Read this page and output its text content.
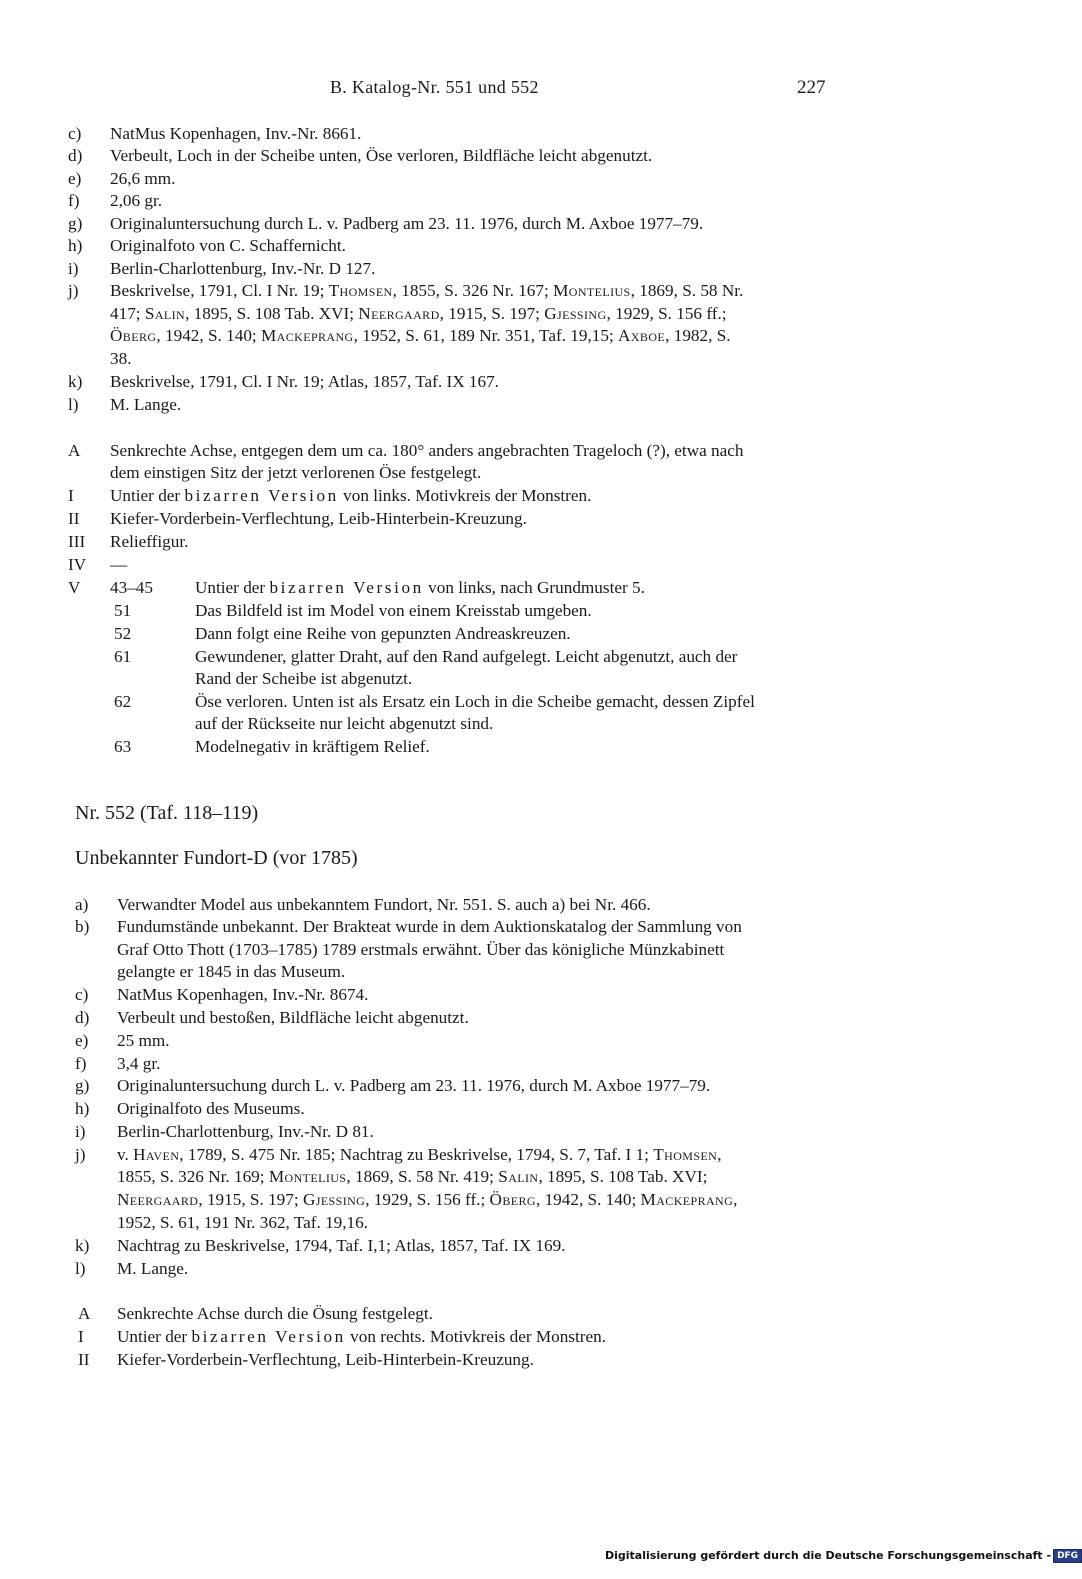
B. Katalog-Nr. 551 und 552	227
c) NatMus Kopenhagen, Inv.-Nr. 8661.
d) Verbeult, Loch in der Scheibe unten, Öse verloren, Bildfläche leicht abgenutzt.
e) 26,6 mm.
f) 2,06 gr.
g) Originaluntersuchung durch L. v. Padberg am 23. 11. 1976, durch M. Axboe 1977–79.
h) Originalfoto von C. Schaffernicht.
i) Berlin-Charlottenburg, Inv.-Nr. D 127.
j) Beskrivelse, 1791, Cl. I Nr. 19; Thomsen, 1855, S. 326 Nr. 167; Montelius, 1869, S. 58 Nr.
417; Salin, 1895, S. 108 Tab. XVI; Neergaard, 1915, S. 197; Gjessing, 1929, S. 156 ff.;
Öberg, 1942, S. 140; Mackeprang, 1952, S. 61, 189 Nr. 351, Taf. 19,15; Axboe, 1982, S.
38.
k) Beskrivelse, 1791, Cl. I Nr. 19; Atlas, 1857, Taf. IX 167.
l) M. Lange.
A Senkrechte Achse, entgegen dem um ca. 180° anders angebrachten Trageloch (?), etwa nach
dem einstigen Sitz der jetzt verlorenen Öse festgelegt.
I Untier der bizarren Version von links. Motivkreis der Monstren.
II Kiefer-Vorderbein-Verflechtung, Leib-Hinterbein-Kreuzung.
III Relieffigur.
IV —
V 43–45 Untier der bizarren Version von links, nach Grundmuster 5.
51	Das Bildfeld ist im Model von einem Kreisstab umgeben.
52	Dann folgt eine Reihe von gepunzten Andreaskreuzen.
61	Gewundener, glatter Draht, auf den Rand aufgelegt. Leicht abgenutzt, auch der
Rand der Scheibe ist abgenutzt.
62	Öse verloren. Unten ist als Ersatz ein Loch in die Scheibe gemacht, dessen Zipfel
auf der Rückseite nur leicht abgenutzt sind.
63	Modelnegativ in kräftigem Relief.
Nr. 552 (Taf. 118–119)
Unbekannter Fundort-D (vor 1785)
a) Verwandter Model aus unbekanntem Fundort, Nr. 551. S. auch a) bei Nr. 466.
b) Fundumstände unbekannt. Der Brakteat wurde in dem Auktionskatalog der Sammlung von
Graf Otto Thott (1703–1785) 1789 erstmals erwähnt. Über das königliche Münzkabinett
gelangte er 1845 in das Museum.
c) NatMus Kopenhagen, Inv.-Nr. 8674.
d) Verbeult und bestoßen, Bildfläche leicht abgenutzt.
e) 25 mm.
f) 3,4 gr.
g) Originaluntersuchung durch L. v. Padberg am 23. 11. 1976, durch M. Axboe 1977–79.
h) Originalfoto des Museums.
i) Berlin-Charlottenburg, Inv.-Nr. D 81.
j) v. Haven, 1789, S. 475 Nr. 185; Nachtrag zu Beskrivelse, 1794, S. 7, Taf. I 1; Thomsen,
1855, S. 326 Nr. 169; Montelius, 1869, S. 58 Nr. 419; Salin, 1895, S. 108 Tab. XVI;
Neergaard, 1915, S. 197; Gjessing, 1929, S. 156 ff.; Öberg, 1942, S. 140; Mackeprang,
1952, S. 61, 191 Nr. 362, Taf. 19,16.
k) Nachtrag zu Beskrivelse, 1794, Taf. I,1; Atlas, 1857, Taf. IX 169.
l) M. Lange.
A Senkrechte Achse durch die Ösung festgelegt.
I Untier der bizarren Version von rechts. Motivkreis der Monstren.
II Kiefer-Vorderbein-Verflechtung, Leib-Hinterbein-Kreuzung.
Digitalisierung gefördert durch die Deutsche Forschungsgemeinschaft - DFG
